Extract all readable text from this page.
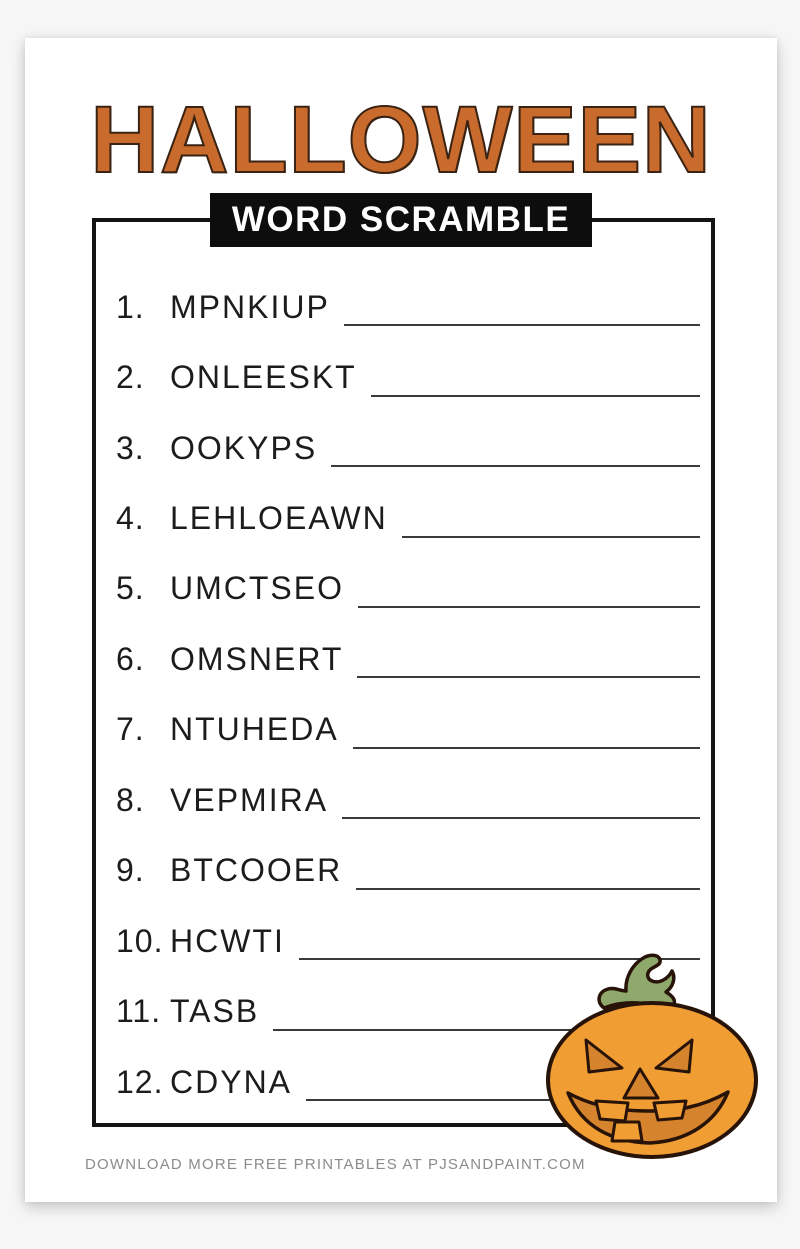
HALLOWEEN
WORD SCRAMBLE
1. MPNKIUP
2. ONLEESKT
3. OOKYPS
4. LEHLOEAWN
5. UMCTSEO
6. OMSNERT
7. NTUHEDA
8. VEPMIRA
9. BTCOOER
10. HCWTI
11. TASB
12. CDYNA
DOWNLOAD MORE FREE PRINTABLES AT PJSANDPAINT.COM
